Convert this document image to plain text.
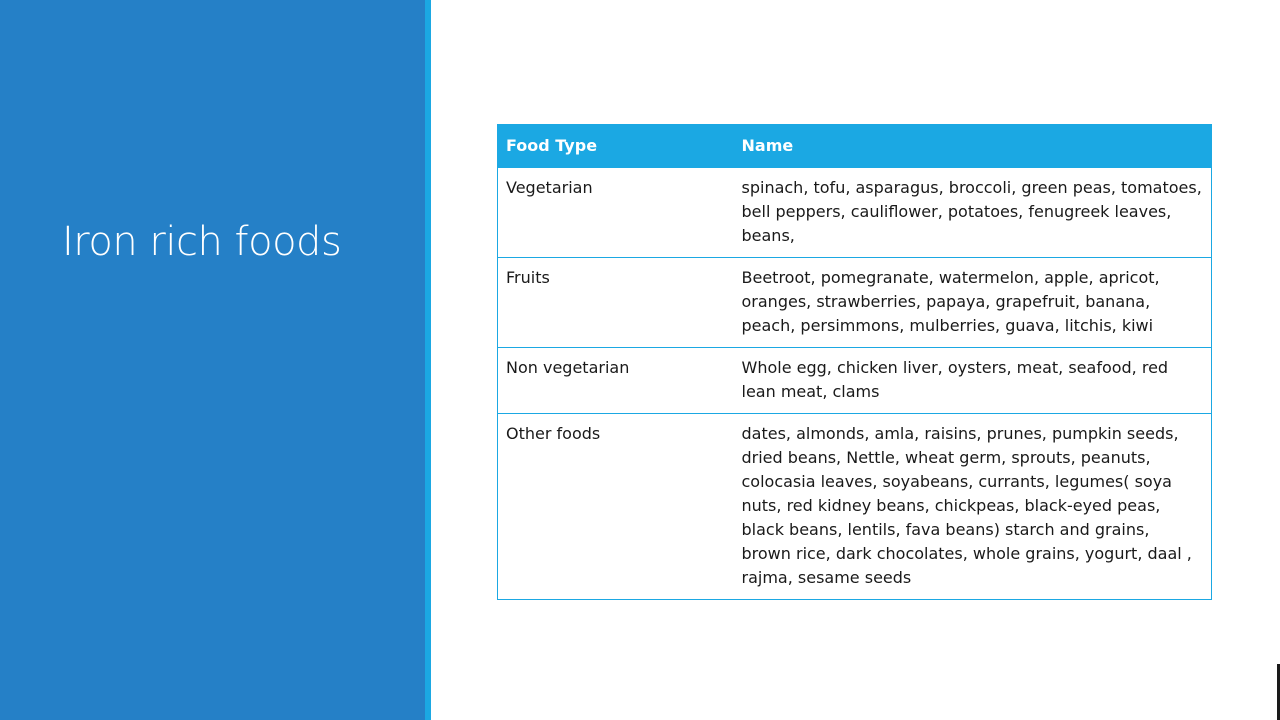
Iron rich foods
Food Type	Name
Vegetarian	spinach, tofu, asparagus, broccoli, green peas, tomatoes, bell peppers, cauliflower, potatoes, fenugreek leaves, beans,
Fruits	Beetroot, pomegranate, watermelon, apple, apricot, oranges, strawberries, papaya, grapefruit, banana, peach, persimmons, mulberries, guava, litchis, kiwi
Non vegetarian	Whole egg, chicken liver, oysters, meat, seafood, red lean meat, clams
Other foods	dates, almonds, amla, raisins, prunes, pumpkin seeds, dried beans, Nettle, wheat germ, sprouts, peanuts, colocasia leaves, soyabeans, currants, legumes( soya nuts, red kidney beans, chickpeas, black-eyed peas, black beans, lentils, fava beans) starch and grains, brown rice, dark chocolates, whole grains, yogurt, daal , rajma, sesame seeds
